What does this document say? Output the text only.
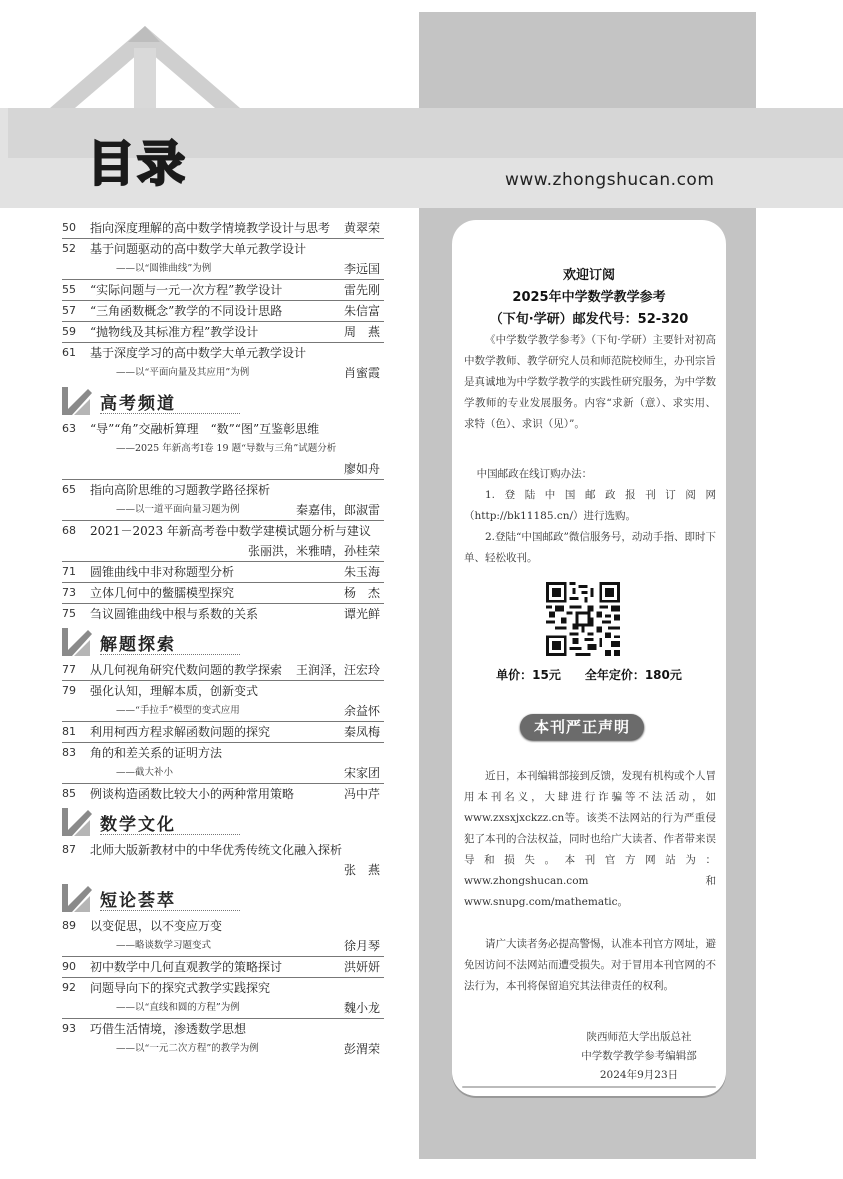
目录	www.zhongshucan.com
50 指向深度理解的高中数学情境教学设计与思考 黄翠荣
52 基于问题驱动的高中数学大单元教学设计
——以“圆锥曲线”为例	李远国
55 “实际问题与一元一次方程”教学设计	雷先刚
57 “三角函数概念”教学的不同设计思路	朱信富
59 “抛物线及其标准方程”教学设计	周　燕
61 基于深度学习的高中数学大单元教学设计
——以“平面向量及其应用”为例	肖蜜霞
高考频道
63 “导”“角”交融析算理　“数”“图”互鉴彰思维
——2025 年新高考Ⅰ卷 19 题“导数与三角”试题分析
廖如舟
65 指向高阶思维的习题教学路径探析
——以一道平面向量习题为例	秦嘉伟，郎淑雷
68 2021－2023 年新高考卷中数学建模试题分析与建议
张丽洪，米雅晴，孙桂荣
71 圆锥曲线中非对称题型分析	朱玉海
73 立体几何中的鳖臑模型探究	杨　杰
75 刍议圆锥曲线中根与系数的关系	谭光鲜
解题探索
77 从几何视角研究代数问题的教学探索 王润泽，汪宏玲
79 强化认知，理解本质，创新变式
——“手拉手”模型的变式应用	余益怀
81 利用柯西方程求解函数问题的探究	秦凤梅
83 角的和差关系的证明方法
——截大补小	宋家团
85 例谈构造函数比较大小的两种常用策略	冯中芹
数学文化
87 北师大版新教材中的中华优秀传统文化融入探析
张　燕
短论荟萃
89 以变促思，以不变应万变
——略谈数学习题变式	徐月琴
90 初中数学中几何直观教学的策略探讨	洪妍妍
92 问题导向下的探究式教学实践探究
——以“直线和圆的方程”为例	魏小龙
93 巧借生活情境，渗透数学思想
——以“一元二次方程”的教学为例	彭渭荣
欢迎订阅
2025年中学数学教学参考
（下旬·学研）邮发代号：52-320
《中学数学教学参考》（下旬·学研）主要针对初高中数学教师、教学研究人员和师范院校师生，办刊宗旨是真诚地为中学数学教学的实践性研究服务，为中学数学教师的专业发展服务。内容“求新（意）、求实用、求特（色）、求识（见）”。
中国邮政在线订购办法：
1.登陆中国邮政报刊订阅网（http://bk11185.cn/）进行选购。
2.登陆“中国邮政”微信服务号，动动手指、即时下单、轻松收刊。
单价：15元　　全年定价：180元
本刊严正声明
近日，本刊编辑部接到反馈，发现有机构或个人冒用本刊名义，大肆进行诈骗等不法活动，如www.zxsxjxckzz.cn等。该类不法网站的行为严重侵犯了本刊的合法权益，同时也给广大读者、作者带来误导和损失。本刊官方网站为：www.zhongshucan.com 和 www.snupg.com/mathematic。
请广大读者务必提高警惕，认准本刊官方网址，避免因访问不法网站而遭受损失。对于冒用本刊官网的不法行为，本刊将保留追究其法律责任的权利。
陕西师范大学出版总社
中学数学教学参考编辑部
2024年9月23日
